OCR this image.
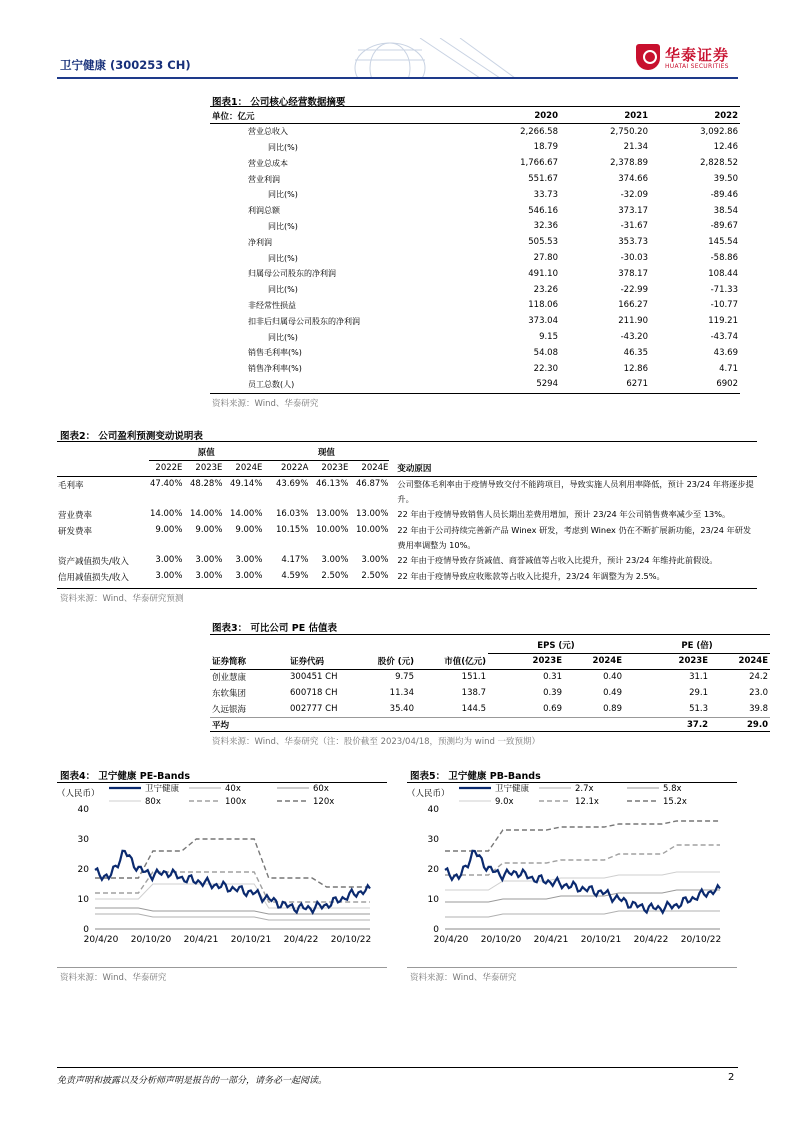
卫宁健康 (300253 CH)
华泰证券
HUATAI SECURITIES
图表1： 公司核心经营数据摘要
单位：亿元	2020	2021	2022
营业总收入	2,266.58	2,750.20	3,092.86
同比(%)	18.79	21.34	12.46
营业总成本	1,766.67	2,378.89	2,828.52
营业利润	551.67	374.66	39.50
同比(%)	33.73	-32.09	-89.46
利润总额	546.16	373.17	38.54
同比(%)	32.36	-31.67	-89.67
净利润	505.53	353.73	145.54
同比(%)	27.80	-30.03	-58.86
归属母公司股东的净利润	491.10	378.17	108.44
同比(%)	23.26	-22.99	-71.33
非经常性损益	118.06	166.27	-10.77
扣非后归属母公司股东的净利润	373.04	211.90	119.21
同比(%)	9.15	-43.20	-43.74
销售毛利率(%)	54.08	46.35	43.69
销售净利率(%)	22.30	12.86	4.71
员工总数(人)	5294	6271	6902
资料来源：Wind、华泰研究
图表2： 公司盈利预测变动说明表
	原值			现值			
	2022E	2023E	2024E	2022A	2023E	2024E	变动原因
毛利率	47.40%	48.28%	49.14%	43.69%	46.13%	46.87%	公司整体毛利率由于疫情导致交付不能跨项目，导致实施人员利用率降低，预计 23/24 年将逐步提升。
营业费率	14.00%	14.00%	14.00%	16.03%	13.00%	13.00%	22 年由于疫情导致销售人员长期出差费用增加，预计 23/24 年公司销售费率减少至 13%。
研发费率	9.00%	9.00%	9.00%	10.15%	10.00%	10.00%	22 年由于公司持续完善新产品 Winex 研发，考虑到 Winex 仍在不断扩展新功能，23/24 年研发费用率调整为 10%。
资产减值损失/收入	3.00%	3.00%	3.00%	4.17%	3.00%	3.00%	22 年由于疫情导致存货减值、商誉减值等占收入比提升，预计 23/24 年维持此前假设。
信用减值损失/收入	3.00%	3.00%	3.00%	4.59%	2.50%	2.50%	22 年由于疫情导致应收账款等占收入比提升，23/24 年调整为为 2.5%。
资料来源：Wind、华泰研究预测
图表3： 可比公司 PE 估值表
				EPS (元)		PE (倍)	
证券简称	证券代码	股价 (元)	市值(亿元)	2023E	2024E	2023E	2024E
创业慧康	300451 CH	9.75	151.1	0.31	0.40	31.1	24.2
东软集团	600718 CH	11.34	138.7	0.39	0.49	29.1	23.0
久远银海	002777 CH	35.40	144.5	0.69	0.89	51.3	39.8
平均						37.2	29.0
资料来源：Wind、华泰研究（注：股价截至 2023/04/18，预测均为 wind 一致预期）
图表4： 卫宁健康 PE-Bands
（人民币）	卫宁健康	40x	60x
80x	100x	120x
0
10
20
30
40
20/4/20 20/10/20 20/4/21 20/10/21 20/4/22 20/10/22
资料来源：Wind、华泰研究
图表5： 卫宁健康 PB-Bands
（人民币）	卫宁健康	2.7x	5.8x
9.0x	12.1x	15.2x
0
10
20
30
40
20/4/20 20/10/20 20/4/21 20/10/21 20/4/22 20/10/22
资料来源：Wind、华泰研究
免责声明和披露以及分析师声明是报告的一部分，请务必一起阅读。	2
